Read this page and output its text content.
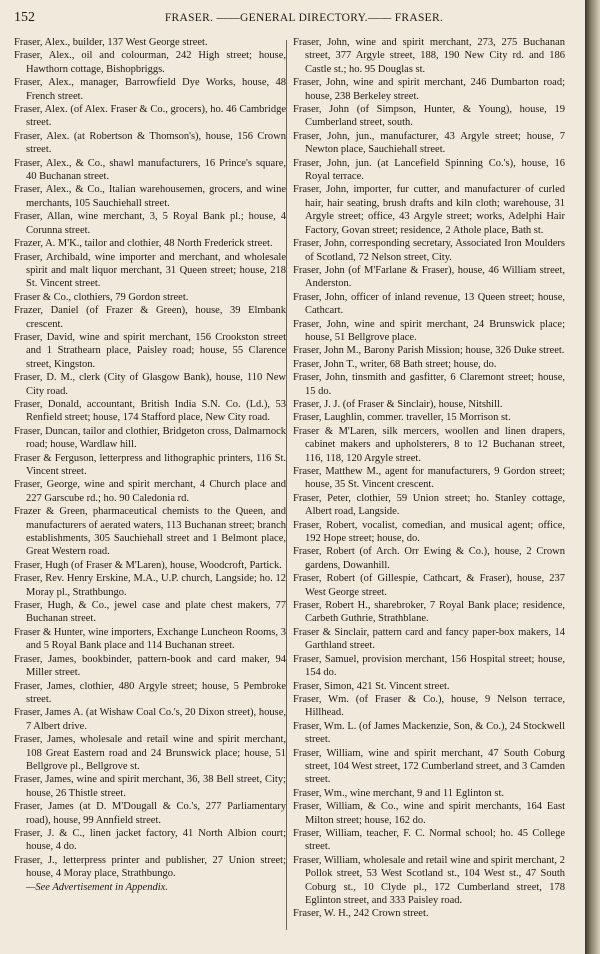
152	FRASER. ——GENERAL DIRECTORY.—— FRASER.

Fraser, Alex., builder, 137 West George street.

Fraser, Alex., oil and colourman, 242 High street; house, Hawthorn cottage, Bishopbriggs.

Fraser, Alex., manager, Barrowfield Dye Works, house, 48 French street.

Fraser, Alex. (of Alex. Fraser & Co., grocers), ho. 46 Cambridge street.

Fraser, Alex. (at Robertson & Thomson's), house, 156 Crown street.

Fraser, Alex., & Co., shawl manufacturers, 16 Prince's square, 40 Buchanan street.

Fraser, Alex., & Co., Italian warehousemen, grocers, and wine merchants, 105 Sauchiehall street.

Fraser, Allan, wine merchant, 3, 5 Royal Bank pl.; house, 4 Corunna street.

Frazer, A. M'K., tailor and clothier, 48 North Frederick street.

Fraser, Archibald, wine importer and merchant, and wholesale spirit and malt liquor merchant, 31 Queen street; house, 218 St. Vincent street.

Fraser & Co., clothiers, 79 Gordon street.

Frazer, Daniel (of Frazer & Green), house, 39 Elmbank crescent.

Fraser, David, wine and spirit merchant, 156 Crookston street and 1 Strathearn place, Paisley road; house, 55 Clarence street, Kingston.

Fraser, D. M., clerk (City of Glasgow Bank), house, 110 New City road.

Fraser, Donald, accountant, British India S.N. Co. (Ld.), 53 Renfield street; house, 174 Stafford place, New City road.

Fraser, Duncan, tailor and clothier, Bridgeton cross, Dalmarnock road; house, Wardlaw hill.

Fraser & Ferguson, letterpress and lithographic printers, 116 St. Vincent street.

Fraser, George, wine and spirit merchant, 4 Church place and 227 Garscube rd.; ho. 90 Caledonia rd.

Frazer & Green, pharmaceutical chemists to the Queen, and manufacturers of aerated waters, 113 Buchanan street; branch establishments, 305 Sauchiehall street and 1 Belmont place, Great Western road.

Fraser, Hugh (of Fraser & M'Laren), house, Woodcroft, Partick.

Fraser, Rev. Henry Erskine, M.A., U.P. church, Langside; ho. 12 Moray pl., Strathbungo.

Fraser, Hugh, & Co., jewel case and plate chest makers, 77 Buchanan street.

Fraser & Hunter, wine importers, Exchange Luncheon Rooms, 3 and 5 Royal Bank place and 114 Buchanan street.

Fraser, James, bookbinder, pattern-book and card maker, 94 Miller street.

Fraser, James, clothier, 480 Argyle street; house, 5 Pembroke street.

Fraser, James A. (at Wishaw Coal Co.'s, 20 Dixon street), house, 7 Albert drive.

Fraser, James, wholesale and retail wine and spirit merchant, 108 Great Eastern road and 24 Brunswick place; house, 51 Bellgrove pl., Bellgrove st.

Fraser, James, wine and spirit merchant, 36, 38 Bell street, City; house, 26 Thistle street.

Fraser, James (at D. M'Dougall & Co.'s, 277 Parliamentary road), house, 99 Annfield street.

Fraser, J. & C., linen jacket factory, 41 North Albion court; house, 4 do.

Fraser, J., letterpress printer and publisher, 27 Union street; house, 4 Moray place, Strathbungo.

—See Advertisement in Appendix.

Fraser, John, wine and spirit merchant, 273, 275 Buchanan street, 377 Argyle street, 188, 190 New City rd. and 186 Castle st.; ho. 95 Douglas st.

Fraser, John, wine and spirit merchant, 246 Dumbarton road; house, 238 Berkeley street.

Fraser, John (of Simpson, Hunter, & Young), house, 19 Cumberland street, south.

Fraser, John, jun., manufacturer, 43 Argyle street; house, 7 Newton place, Sauchiehall street.

Fraser, John, jun. (at Lancefield Spinning Co.'s), house, 16 Royal terrace.

Fraser, John, importer, fur cutter, and manufacturer of curled hair, hair seating, brush drafts and kiln cloth; warehouse, 31 Argyle street; office, 43 Argyle street; works, Adelphi Hair Factory, Govan street; residence, 2 Athole place, Bath st.

Fraser, John, corresponding secretary, Associated Iron Moulders of Scotland, 72 Nelson street, City.

Fraser, John (of M'Farlane & Fraser), house, 46 William street, Anderston.

Fraser, John, officer of inland revenue, 13 Queen street; house, Cathcart.

Fraser, John, wine and spirit merchant, 24 Brunswick place; house, 51 Bellgrove place.

Fraser, John M., Barony Parish Mission; house, 326 Duke street.

Fraser, John T., writer, 68 Bath street; house, do.

Fraser, John, tinsmith and gasfitter, 6 Claremont street; house, 15 do.

Fraser, J. J. (of Fraser & Sinclair), house, Nitshill.

Fraser, Laughlin, commer. traveller, 15 Morrison st.

Fraser & M'Laren, silk mercers, woollen and linen drapers, cabinet makers and upholsterers, 8 to 12 Buchanan street, 116, 118, 120 Argyle street.

Fraser, Matthew M., agent for manufacturers, 9 Gordon street; house, 35 St. Vincent crescent.

Fraser, Peter, clothier, 59 Union street; ho. Stanley cottage, Albert road, Langside.

Fraser, Robert, vocalist, comedian, and musical agent; office, 192 Hope street; house, do.

Fraser, Robert (of Arch. Orr Ewing & Co.), house, 2 Crown gardens, Dowanhill.

Fraser, Robert (of Gillespie, Cathcart, & Fraser), house, 237 West George street.

Fraser, Robert H., sharebroker, 7 Royal Bank place; residence, Carbeth Guthrie, Strathblane.

Fraser & Sinclair, pattern card and fancy paper-box makers, 14 Garthland street.

Fraser, Samuel, provision merchant, 156 Hospital street; house, 154 do.

Fraser, Simon, 421 St. Vincent street.

Fraser, Wm. (of Fraser & Co.), house, 9 Nelson terrace, Hillhead.

Fraser, Wm. L. (of James Mackenzie, Son, & Co.), 24 Stockwell street.

Fraser, William, wine and spirit merchant, 47 South Coburg street, 104 West street, 172 Cumberland street, and 3 Camden street.

Fraser, Wm., wine merchant, 9 and 11 Eglinton st.

Fraser, William, & Co., wine and spirit merchants, 164 East Milton street; house, 162 do.

Fraser, William, teacher, F. C. Normal school; ho. 45 College street.

Fraser, William, wholesale and retail wine and spirit merchant, 2 Pollok street, 53 West Scotland st., 104 West st., 47 South Coburg st., 10 Clyde pl., 172 Cumberland street, 178 Eglinton street, and 333 Paisley road.

Fraser, W. H., 242 Crown street.
